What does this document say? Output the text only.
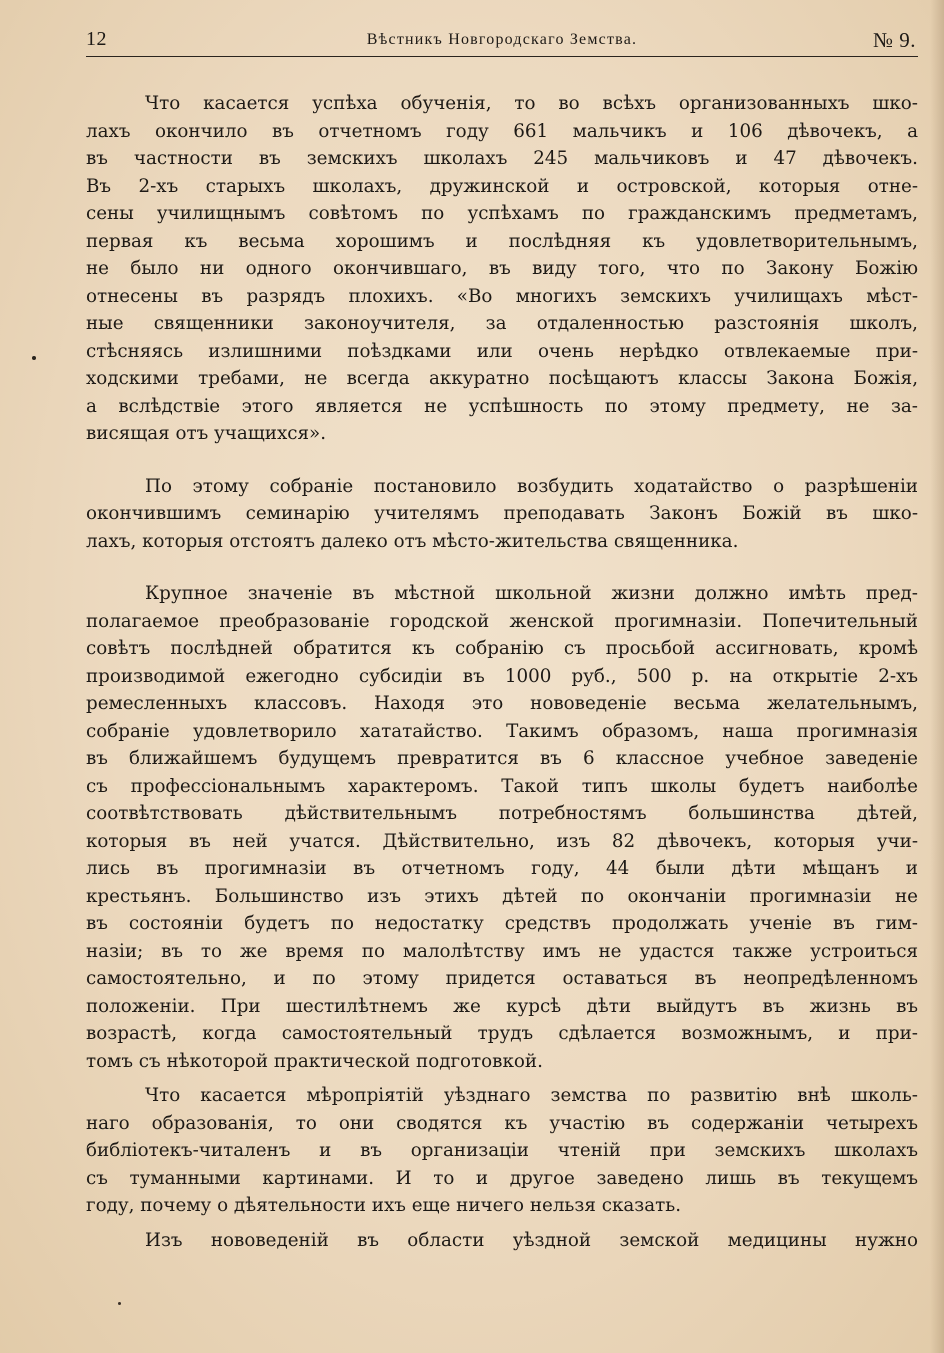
12	Вѣстникъ Новгородскаго Земства.	№ 9.
Что касается успѣха обученія, то во всѣхъ организованныхъ шко-
лахъ окончило въ отчетномъ году 661 мальчикъ и 106 дѣвочекъ, а
въ частности въ земскихъ школахъ 245 мальчиковъ и 47 дѣвочекъ.
Въ 2-хъ старыхъ школахъ, дружинской и островской, которыя отне-
сены училищнымъ совѣтомъ по успѣхамъ по гражданскимъ предметамъ,
первая къ весьма хорошимъ и послѣдняя къ удовлетворительнымъ,
не было ни одного окончившаго, въ виду того, что по Закону Божію
отнесены въ разрядъ плохихъ. «Во многихъ земскихъ училищахъ мѣст-
ные священники законоучителя, за отдаленностью разстоянія школъ,
стѣсняясь излишними поѣздками или очень нерѣдко отвлекаемые при-
ходскими требами, не всегда аккуратно посѣщаютъ классы Закона Божія,
а вслѣдствіе этого является не успѣшность по этому предмету, не за-
висящая отъ учащихся».
По этому собраніе постановило возбудить ходатайство о разрѣшеніи
окончившимъ семинарію учителямъ преподавать Законъ Божій въ шко-
лахъ, которыя отстоятъ далеко отъ мѣсто-жительства священника.
Крупное значеніе въ мѣстной школьной жизни должно имѣть пред-
полагаемое преобразованіе городской женской прогимназіи. Попечительный
совѣтъ послѣдней обратится къ собранію съ просьбой ассигновать, кромѣ
производимой ежегодно субсидіи въ 1000 руб., 500 р. на открытіе 2-хъ
ремесленныхъ классовъ. Находя это нововеденіе весьма желательнымъ,
собраніе удовлетворило хататайство. Такимъ образомъ, наша прогимназія
въ ближайшемъ будущемъ превратится въ 6 классное учебное заведеніе
съ профессіональнымъ характеромъ. Такой типъ школы будетъ наиболѣе
соотвѣтствовать дѣйствительнымъ потребностямъ большинства дѣтей,
которыя въ ней учатся. Дѣйствительно, изъ 82 дѣвочекъ, которыя учи-
лись въ прогимназіи въ отчетномъ году, 44 были дѣти мѣщанъ и
крестьянъ. Большинство изъ этихъ дѣтей по окончаніи прогимназіи не
въ состояніи будетъ по недостатку средствъ продолжать ученіе въ гим-
назіи; въ то же время по малолѣтству имъ не удастся также устроиться
самостоятельно, и по этому придется оставаться въ неопредѣленномъ
положеніи. При шестилѣтнемъ же курсѣ дѣти выйдутъ въ жизнь въ
возрастѣ, когда самостоятельный трудъ сдѣлается возможнымъ, и при-
томъ съ нѣкоторой практической подготовкой.
Что касается мѣропріятій уѣзднаго земства по развитію внѣ школь-
наго образованія, то они сводятся къ участію въ содержаніи четырехъ
библіотекъ-читаленъ и въ организаціи чтеній при земскихъ школахъ
съ туманными картинами. И то и другое заведено лишь въ текущемъ
году, почему о дѣятельности ихъ еще ничего нельзя сказать.
Изъ нововеденій въ области уѣздной земской медицины нужно
